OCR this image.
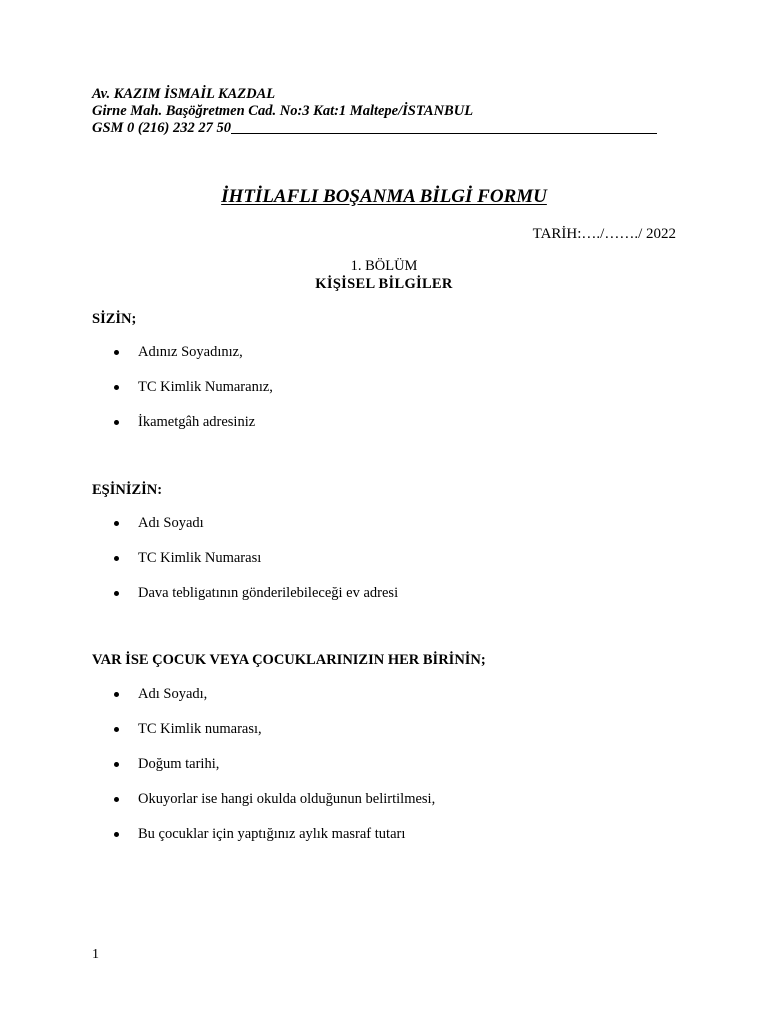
Av. KAZIM İSMAİL KAZDAL
Girne Mah. Başöğretmen Cad. No:3 Kat:1 Maltepe/İSTANBUL
GSM 0 (216) 232 27 50
İHTİLAFLI BOŞANMA BİLGİ FORMU
TARİH:…./……./ 2022
1. BÖLÜM
KİŞİSEL BİLGİLER
SİZİN;
Adınız Soyadınız,
TC Kimlik Numaranız,
İkametgâh adresiniz
EŞİNİZİN:
Adı Soyadı
TC Kimlik Numarası
Dava tebligatının gönderilebileceği ev adresi
VAR İSE ÇOCUK VEYA ÇOCUKLARINIZIN HER BİRİNİN;
Adı Soyadı,
TC Kimlik numarası,
Doğum tarihi,
Okuyorlar ise hangi okulda olduğunun belirtilmesi,
Bu çocuklar için yaptığınız aylık masraf tutarı
1
